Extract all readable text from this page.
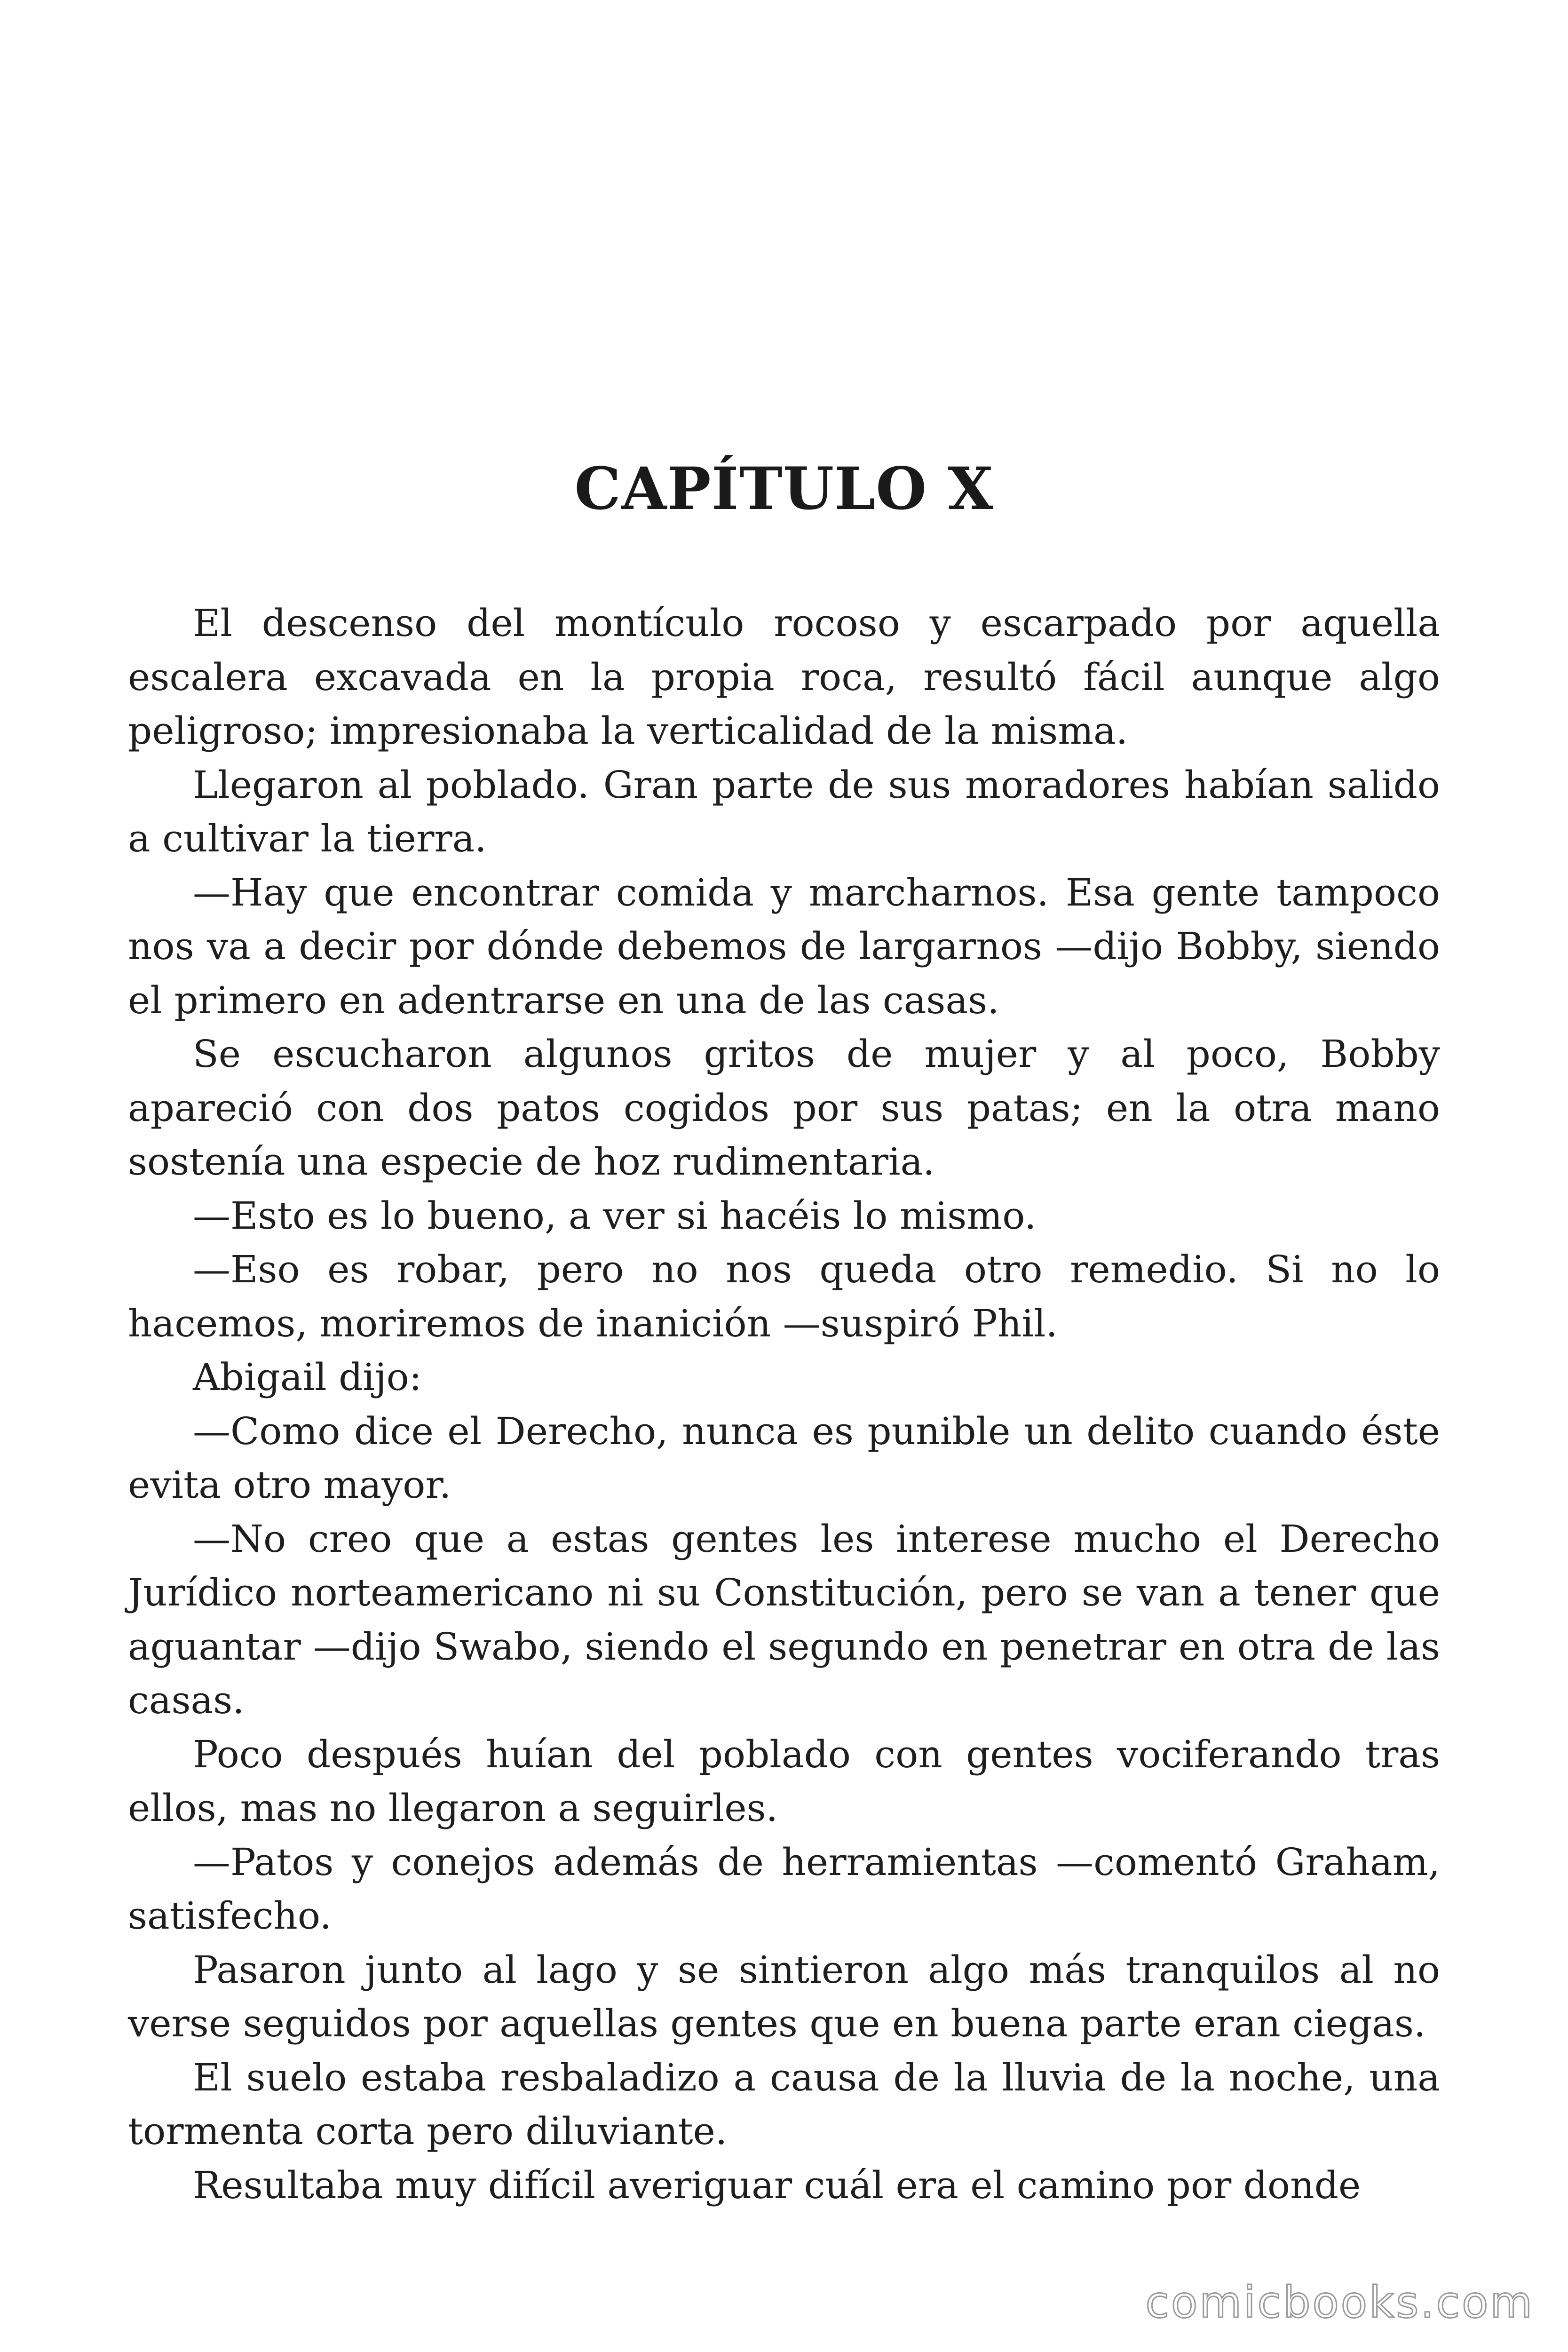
CAPÍTULO X

El descenso del montículo rocoso y escarpado por aquella escalera excavada en la propia roca, resultó fácil aunque algo peligroso; impresionaba la verticalidad de la misma.

Llegaron al poblado. Gran parte de sus moradores habían salido a cultivar la tierra.

—Hay que encontrar comida y marcharnos. Esa gente tampoco nos va a decir por dónde debemos de largarnos —dijo Bobby, siendo el primero en adentrarse en una de las casas.

Se escucharon algunos gritos de mujer y al poco, Bobby apareció con dos patos cogidos por sus patas; en la otra mano sostenía una especie de hoz rudimentaria.

—Esto es lo bueno, a ver si hacéis lo mismo.

—Eso es robar, pero no nos queda otro remedio. Si no lo hacemos, moriremos de inanición —suspiró Phil.

Abigail dijo:

—Como dice el Derecho, nunca es punible un delito cuando éste evita otro mayor.

—No creo que a estas gentes les interese mucho el Derecho Jurídico norteamericano ni su Constitución, pero se van a tener que aguantar —dijo Swabo, siendo el segundo en penetrar en otra de las casas.

Poco después huían del poblado con gentes vociferando tras ellos, mas no llegaron a seguirles.

—Patos y conejos además de herramientas —comentó Graham, satisfecho.

Pasaron junto al lago y se sintieron algo más tranquilos al no verse seguidos por aquellas gentes que en buena parte eran ciegas.

El suelo estaba resbaladizo a causa de la lluvia de la noche, una tormenta corta pero diluviante.

Resultaba muy difícil averiguar cuál era el camino por donde

comicbooks.com
